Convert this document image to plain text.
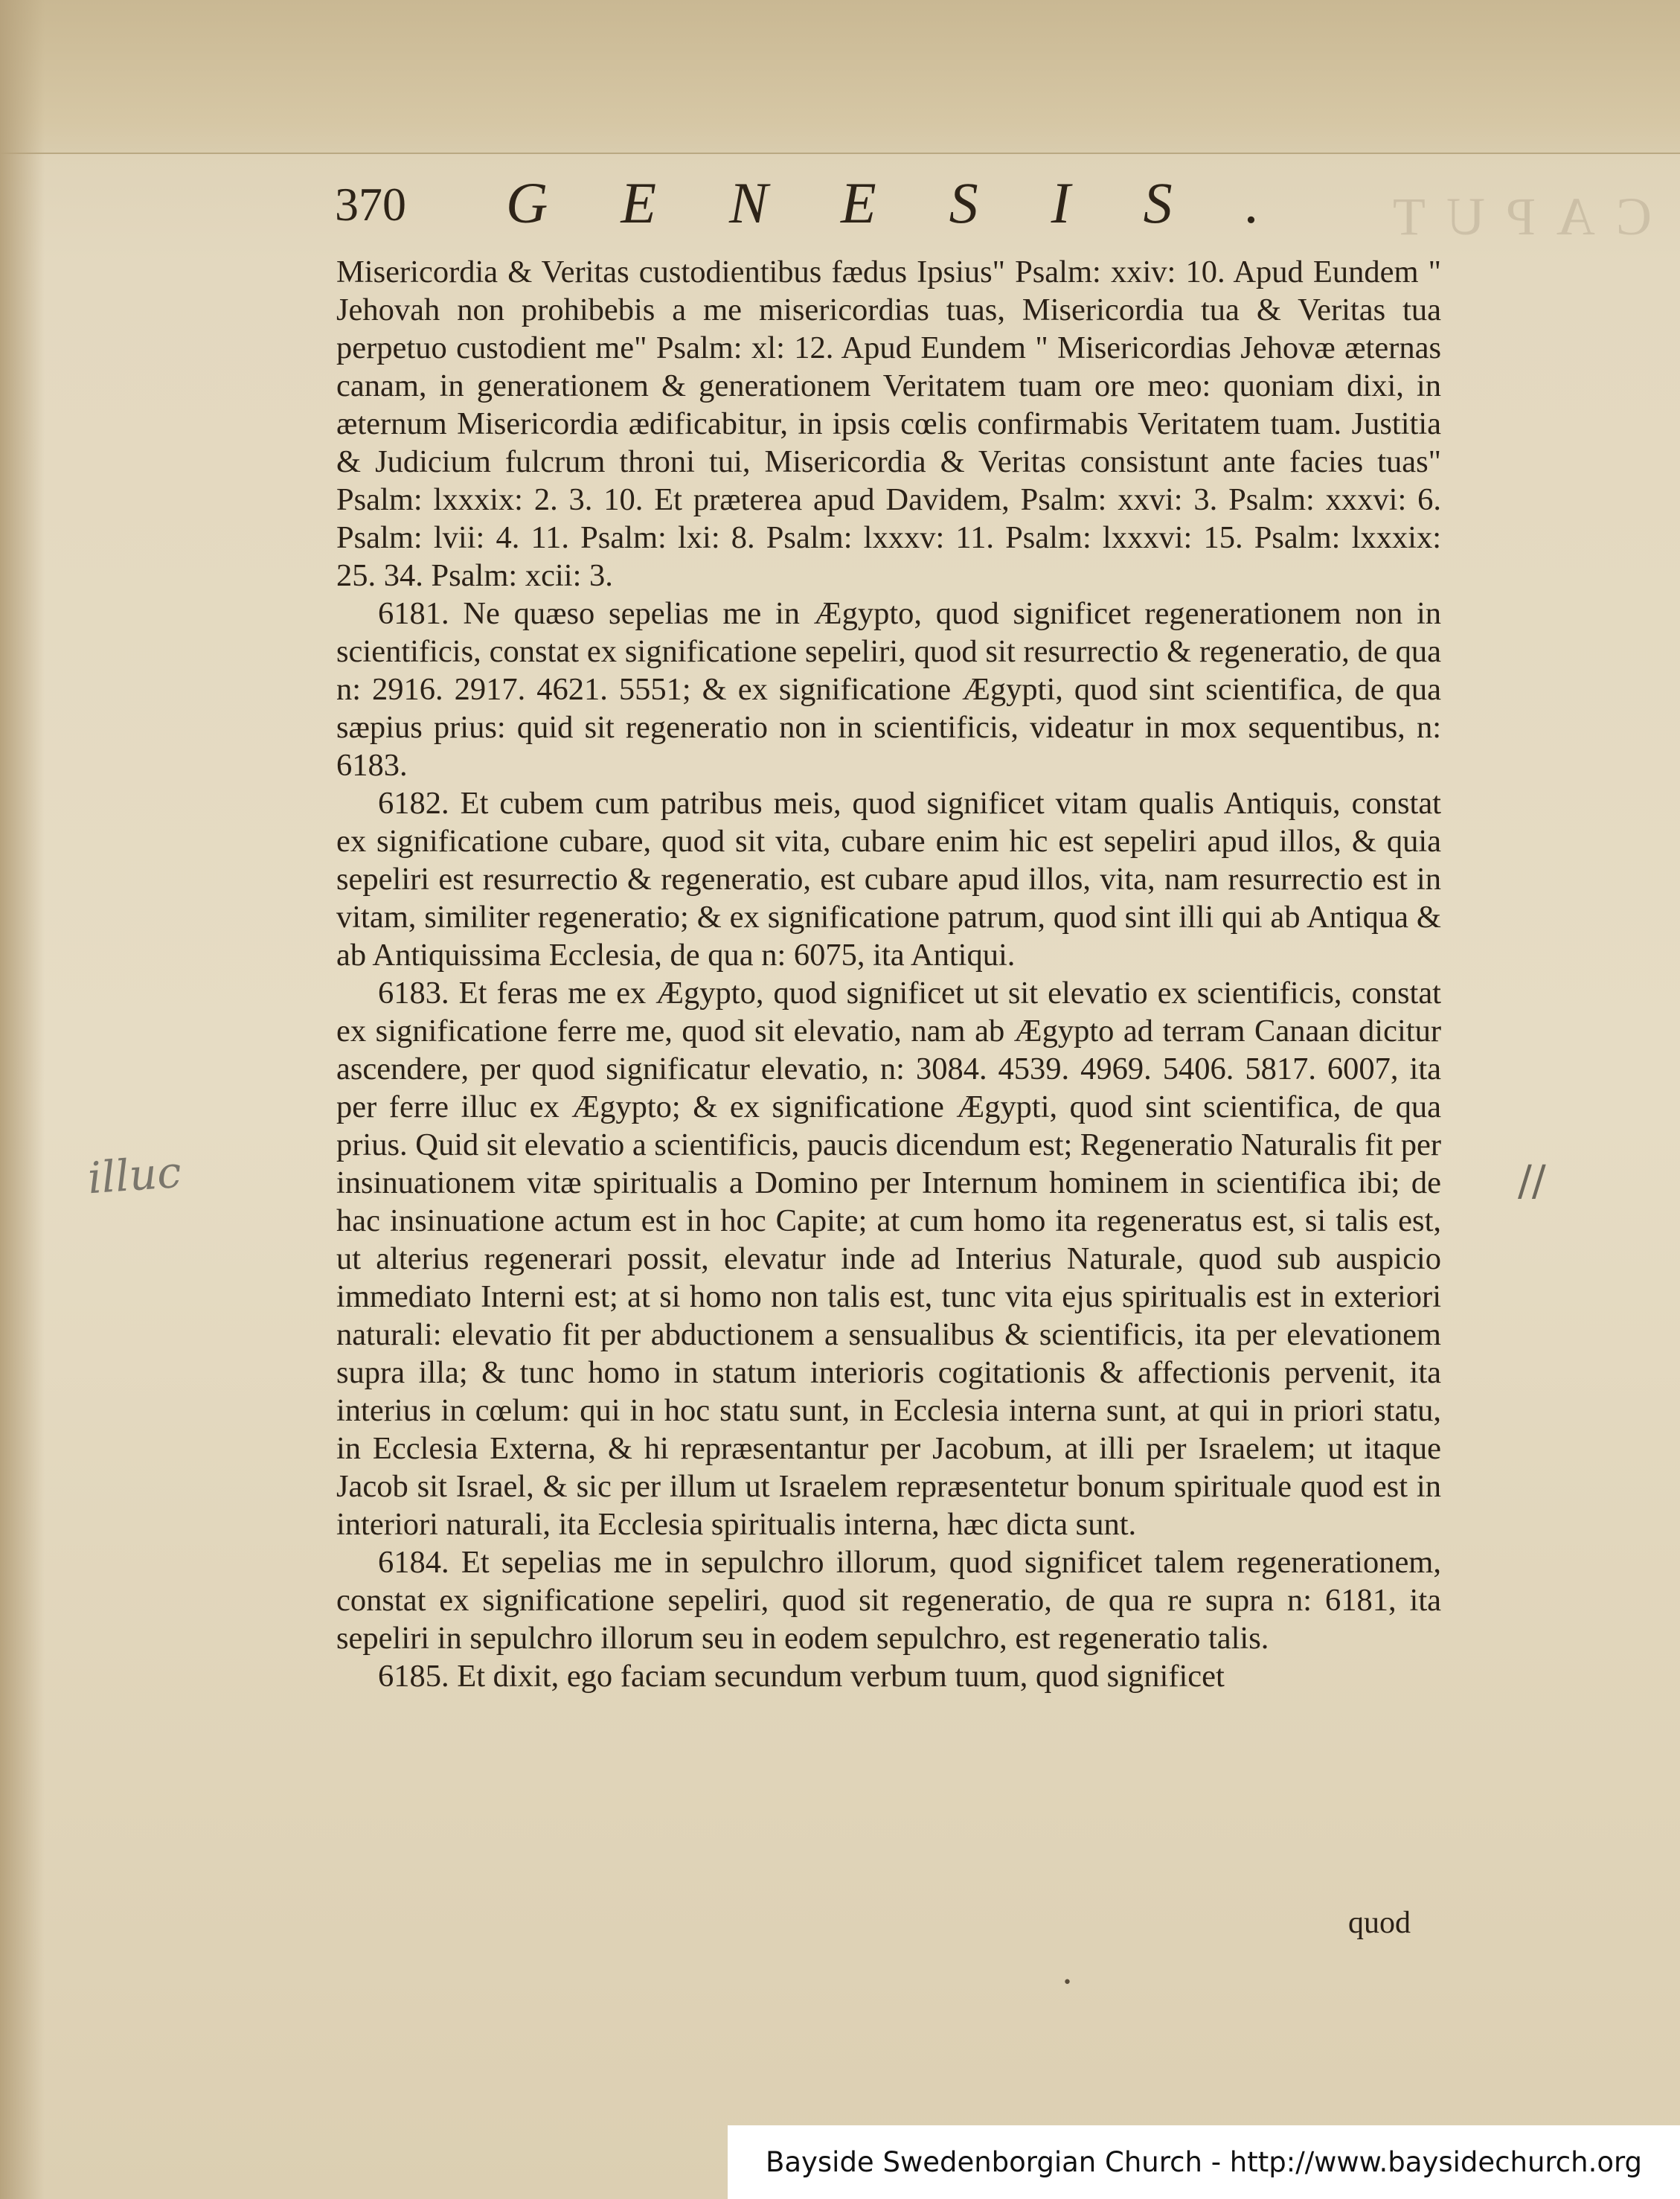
CAPUT
370 GENESIS.

Misericordia & Veritas custodientibus fædus Ipsius" Psalm: xxiv: 10. Apud Eundem " Jehovah non prohibebis a me misericordias tuas, Misericordia tua & Veritas tua perpetuo custodient me" Psalm: xl: 12. Apud Eundem " Misericordias Jehovæ æternas canam, in generationem & generationem Veritatem tuam ore meo: quoniam dixi, in æternum Misericordia ædificabitur, in ipsis cœlis confirmabis Veritatem tuam. Justitia & Judicium fulcrum throni tui, Misericordia & Veritas consistunt ante facies tuas" Psalm: lxxxix: 2. 3. 10. Et præterea apud Davidem, Psalm: xxvi: 3. Psalm: xxxvi: 6. Psalm: lvii: 4. 11. Psalm: lxi: 8. Psalm: lxxxv: 11. Psalm: lxxxvi: 15. Psalm: lxxxix: 25. 34. Psalm: xcii: 3.

6181. Ne quæso sepelias me in Ægypto, quod significet regenerationem non in scientificis, constat ex significatione sepeliri, quod sit resurrectio & regeneratio, de qua n: 2916. 2917. 4621. 5551; & ex significatione Ægypti, quod sint scientifica, de qua sæpius prius: quid sit regeneratio non in scientificis, videatur in mox sequentibus, n: 6183.

6182. Et cubem cum patribus meis, quod significet vitam qualis Antiquis, constat ex significatione cubare, quod sit vita, cubare enim hic est sepeliri apud illos, & quia sepeliri est resurrectio & regeneratio, est cubare apud illos, vita, nam resurrectio est in vitam, similiter regeneratio; & ex significatione patrum, quod sint illi qui ab Antiqua & ab Antiquissima Ecclesia, de qua n: 6075, ita Antiqui.

6183. Et feras me ex Ægypto, quod significet ut sit elevatio ex scientificis, constat ex significatione ferre me, quod sit elevatio, nam ab Ægypto ad terram Canaan dicitur ascendere, per quod significatur elevatio, n: 3084. 4539. 4969. 5406. 5817. 6007, ita per ferre illuc ex Ægypto; & ex significatione Ægypti, quod sint scientifica, de qua prius. Quid sit elevatio a scientificis, paucis dicendum est; Regeneratio Naturalis fit per insinuationem vitæ spiritualis a Domino per Internum hominem in scientifica ibi; de hac insinuatione actum est in hoc Capite; at cum homo ita regeneratus est, si talis est, ut alterius regenerari possit, elevatur inde ad Interius Naturale, quod sub auspicio immediato Interni est; at si homo non talis est, tunc vita ejus spiritualis est in exteriori naturali: elevatio fit per abductionem a sensualibus & scientificis, ita per elevationem supra illa; & tunc homo in statum interioris cogitationis & affectionis pervenit, ita interius in cœlum: qui in hoc statu sunt, in Ecclesia interna sunt, at qui in priori statu, in Ecclesia Externa, & hi repræsentantur per Jacobum, at illi per Israelem; ut itaque Jacob sit Israel, & sic per illum ut Israelem repræsentetur bonum spirituale quod est in interiori naturali, ita Ecclesia spiritualis interna, hæc dicta sunt.

6184. Et sepelias me in sepulchro illorum, quod significet talem regenerationem, constat ex significatione sepeliri, quod sit regeneratio, de qua re supra n: 6181, ita sepeliri in sepulchro illorum seu in eodem sepulchro, est regeneratio talis.

6185. Et dixit, ego faciam secundum verbum tuum, quod significet

quod
illuc	//
•
Bayside Swedenborgian Church - http://www.baysidechurch.org
